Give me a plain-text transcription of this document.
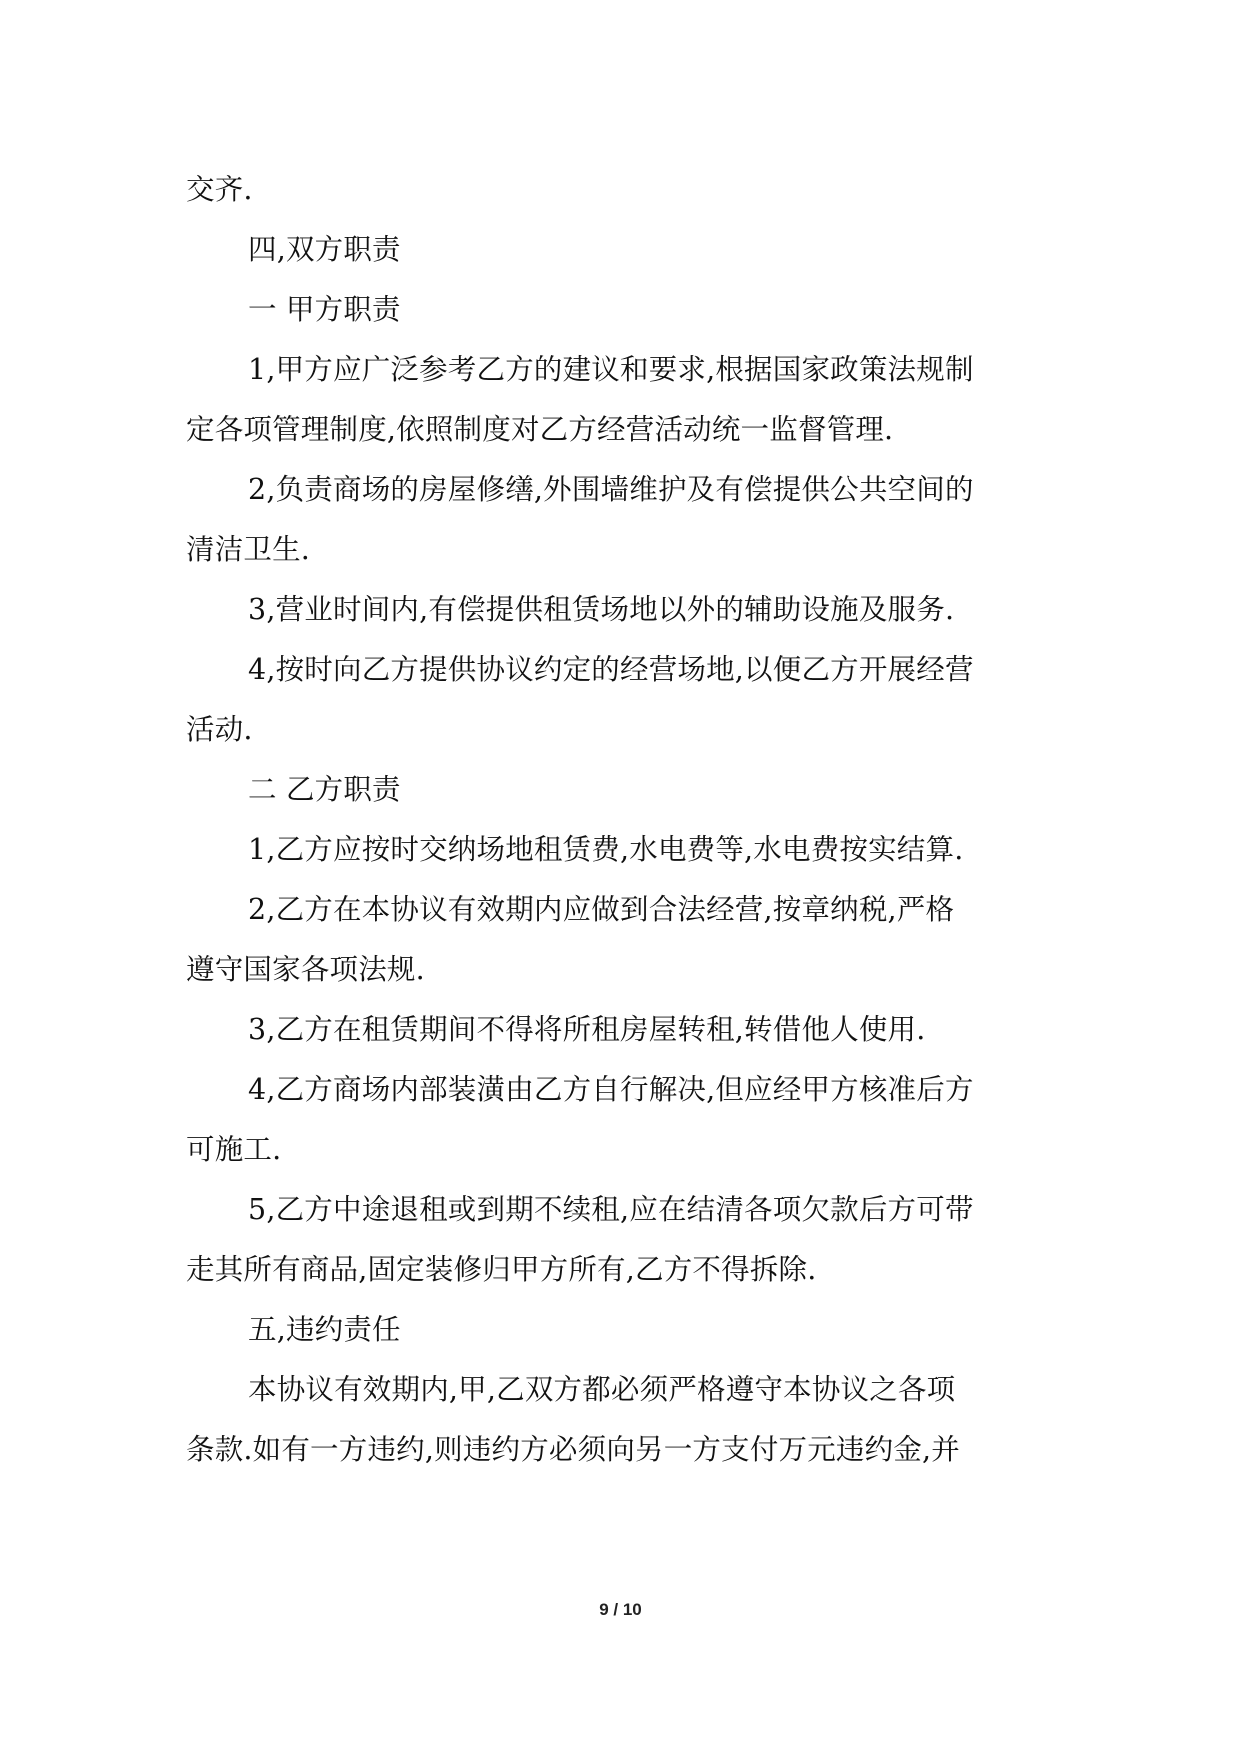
交齐.
四,双方职责
一 甲方职责
1,甲方应广泛参考乙方的建议和要求,根据国家政策法规制
定各项管理制度,依照制度对乙方经营活动统一监督管理.
2,负责商场的房屋修缮,外围墙维护及有偿提供公共空间的
清洁卫生.
3,营业时间内,有偿提供租赁场地以外的辅助设施及服务.
4,按时向乙方提供协议约定的经营场地,以便乙方开展经营
活动.
二 乙方职责
1,乙方应按时交纳场地租赁费,水电费等,水电费按实结算.
2,乙方在本协议有效期内应做到合法经营,按章纳税,严格
遵守国家各项法规.
3,乙方在租赁期间不得将所租房屋转租,转借他人使用.
4,乙方商场内部装潢由乙方自行解决,但应经甲方核准后方
可施工.
5,乙方中途退租或到期不续租,应在结清各项欠款后方可带
走其所有商品,固定装修归甲方所有,乙方不得拆除.
五,违约责任
本协议有效期内,甲,乙双方都必须严格遵守本协议之各项
条款.如有一方违约,则违约方必须向另一方支付万元违约金,并
9 / 10
